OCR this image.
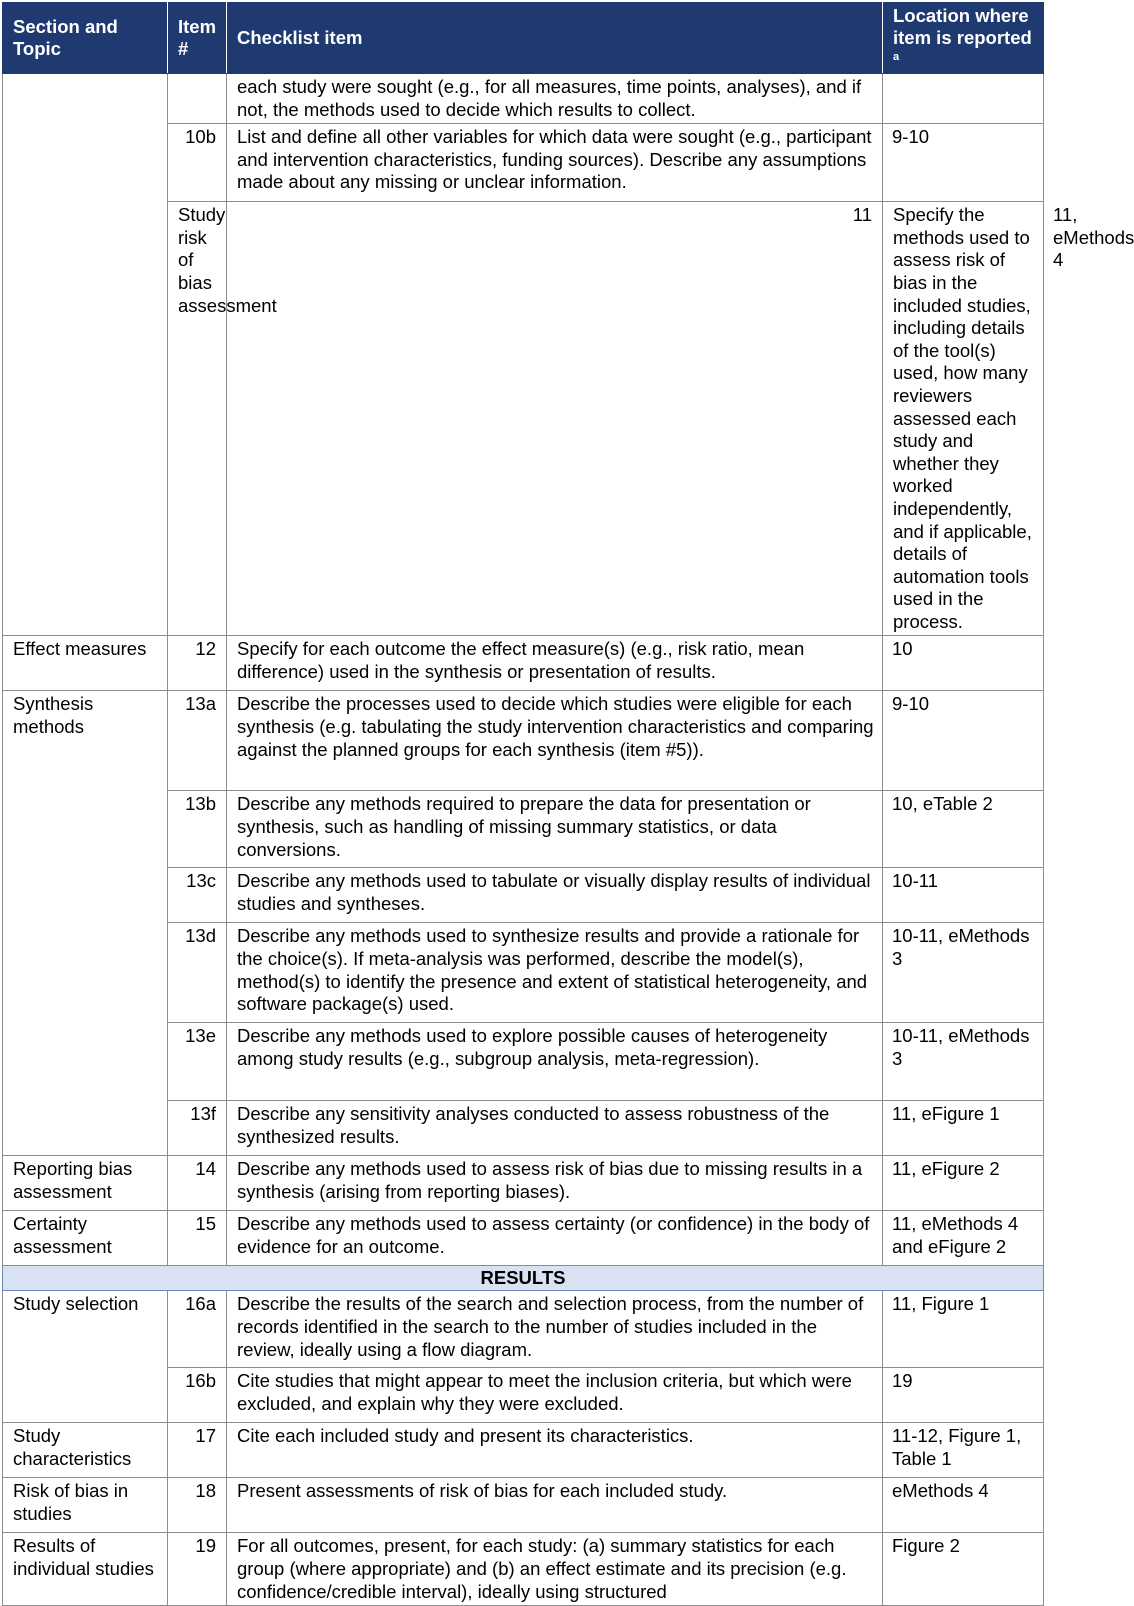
Section and Topic	Item #	Checklist item	Location where item is reported $^a$
		each study were sought (e.g., for all measures, time points, analyses), and if not, the methods used to decide which results to collect.		
	10b	List and define all other variables for which data were sought (e.g., participant and intervention characteristics, funding sources). Describe any assumptions made about any missing or unclear information.	9-10	
	Study risk of bias assessment	11	Specify the methods used to assess risk of bias in the included studies, including details of the tool(s) used, how many reviewers assessed each study and whether they worked independently, and if applicable, details of automation tools used in the process.	11, eMethods 4
Effect measures	12	Specify for each outcome the effect measure(s) (e.g., risk ratio, mean difference) used in the synthesis or presentation of results.	10	
Synthesis methods	13a	Describe the processes used to decide which studies were eligible for each synthesis (e.g. tabulating the study intervention characteristics and comparing against the planned groups for each synthesis (item #5)).	9-10	
	13b	Describe any methods required to prepare the data for presentation or synthesis, such as handling of missing summary statistics, or data conversions.	10, eTable 2	
	13c	Describe any methods used to tabulate or visually display results of individual studies and syntheses.	10-11	
	13d	Describe any methods used to synthesize results and provide a rationale for the choice(s). If meta-analysis was performed, describe the model(s), method(s) to identify the presence and extent of statistical heterogeneity, and software package(s) used.	10-11, eMethods 3	
	13e	Describe any methods used to explore possible causes of heterogeneity among study results (e.g., subgroup analysis, meta-regression).	10-11, eMethods 3	
	13f	Describe any sensitivity analyses conducted to assess robustness of the synthesized results.	11, eFigure 1	
Reporting bias assessment	14	Describe any methods used to assess risk of bias due to missing results in a synthesis (arising from reporting biases).	11, eFigure 2	
Certainty assessment	15	Describe any methods used to assess certainty (or confidence) in the body of evidence for an outcome.	11, eMethods 4 and eFigure 2	
RESULTS				
Study selection	16a	Describe the results of the search and selection process, from the number of records identified in the search to the number of studies included in the review, ideally using a flow diagram.	11, Figure 1	
	16b	Cite studies that might appear to meet the inclusion criteria, but which were excluded, and explain why they were excluded.	19	
Study characteristics	17	Cite each included study and present its characteristics.	11-12, Figure 1, Table 1	
Risk of bias in studies	18	Present assessments of risk of bias for each included study.	eMethods 4	
Results of individual studies	19	For all outcomes, present, for each study: (a) summary statistics for each group (where appropriate) and (b) an effect estimate and its precision (e.g. confidence/credible interval), ideally using structured	Figure 2	
